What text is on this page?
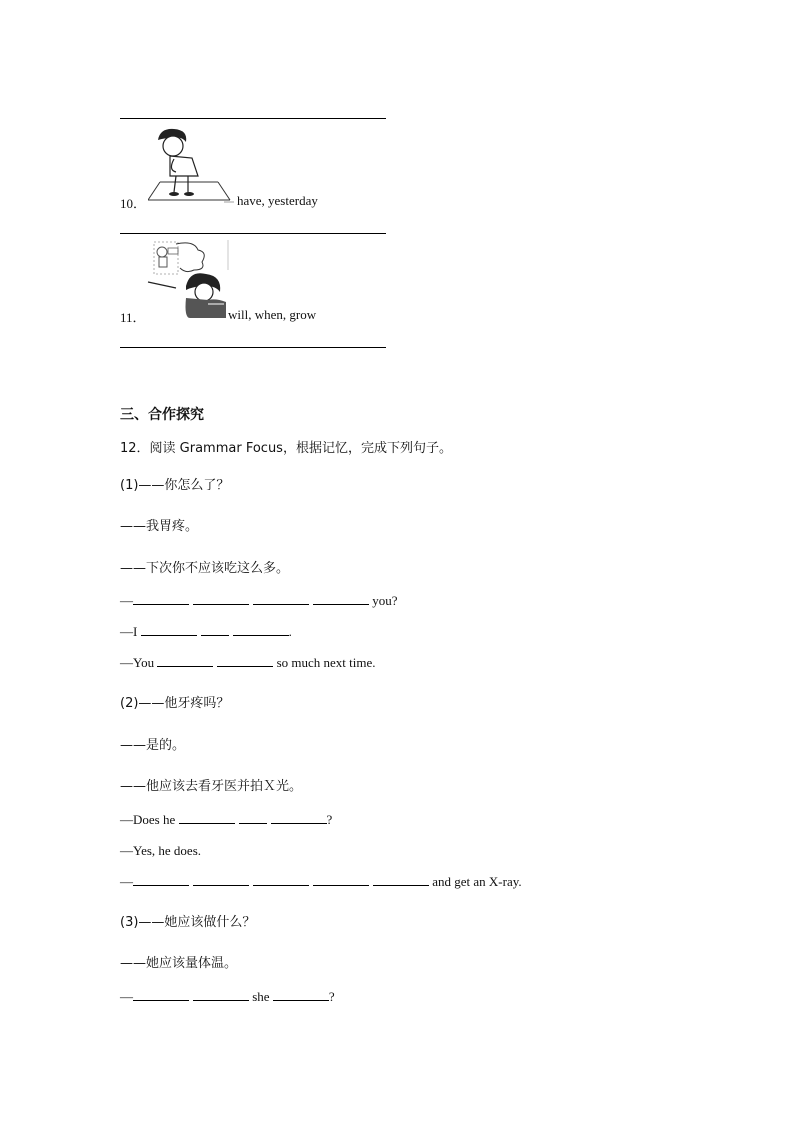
10．	have, yesterday
11．	will, when, grow
三、合作探究
12．阅读 Grammar Focus，根据记忆，完成下列句子。
(1)——你怎么了？
——我胃疼。
——下次你不应该吃这么多。
—	you?
—I	.
—You	so much next time.
(2)——他牙疼吗？
——是的。
——他应该去看牙医并拍Ｘ光。
—Does he	?
—Yes, he does.
—	and get an X-ray.
(3)——她应该做什么？
——她应该量体温。
—	she	?
